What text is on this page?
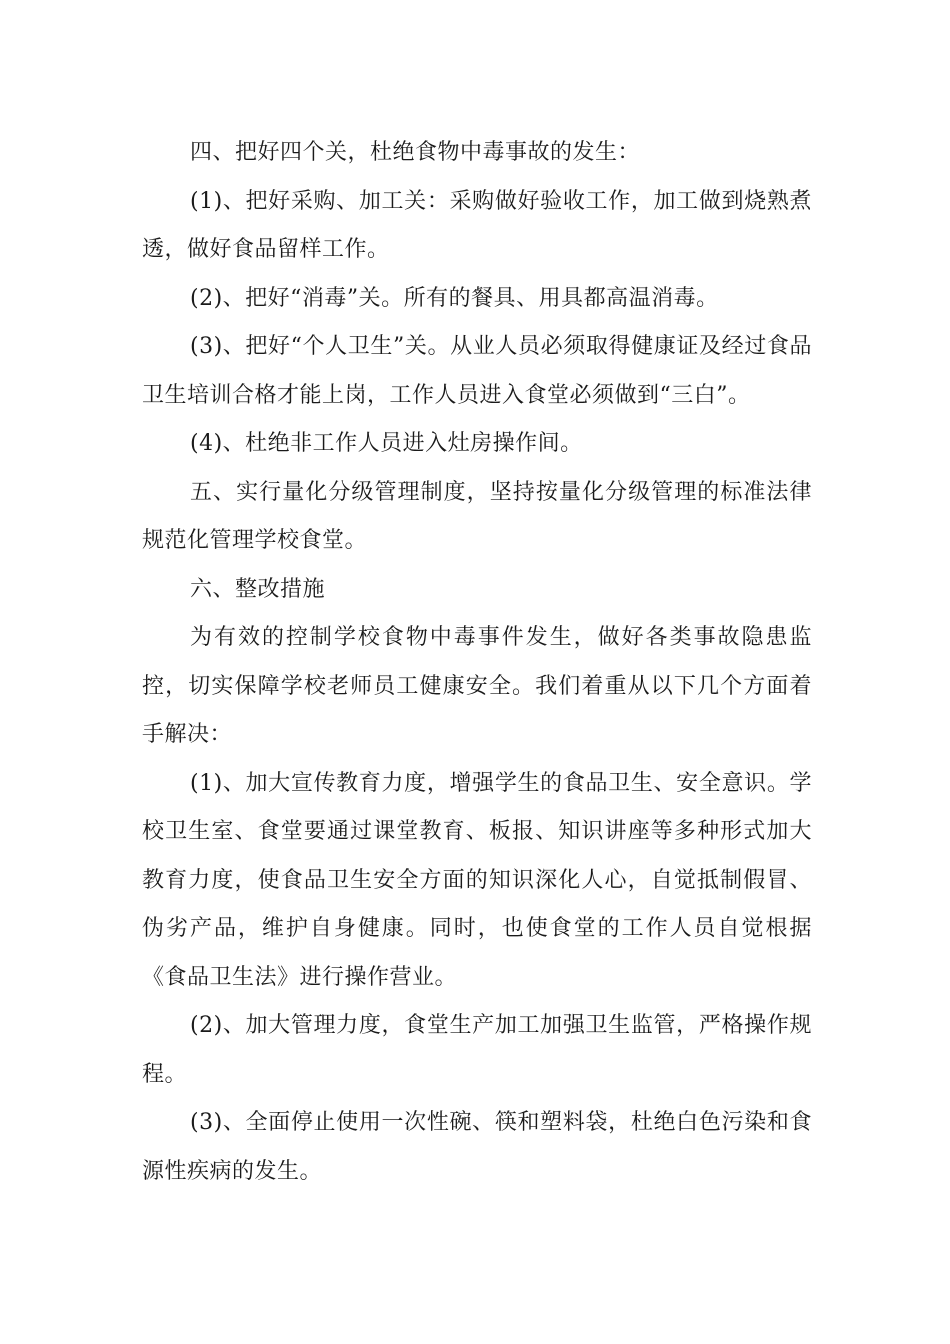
四、把好四个关，杜绝食物中毒事故的发生：

(1)、把好采购、加工关：采购做好验收工作，加工做到烧熟煮透，做好食品留样工作。

(2)、把好“消毒”关。所有的餐具、用具都高温消毒。

(3)、把好“个人卫生”关。从业人员必须取得健康证及经过食品卫生培训合格才能上岗，工作人员进入食堂必须做到“三白”。

(4)、杜绝非工作人员进入灶房操作间。

五、实行量化分级管理制度，坚持按量化分级管理的标准法律规范化管理学校食堂。

六、整改措施

为有效的控制学校食物中毒事件发生，做好各类事故隐患监控，切实保障学校老师员工健康安全。我们着重从以下几个方面着手解决：

(1)、加大宣传教育力度，增强学生的食品卫生、安全意识。学校卫生室、食堂要通过课堂教育、板报、知识讲座等多种形式加大教育力度，使食品卫生安全方面的知识深化人心，自觉抵制假冒、伪劣产品，维护自身健康。同时，也使食堂的工作人员自觉根据《食品卫生法》进行操作营业。

(2)、加大管理力度，食堂生产加工加强卫生监管，严格操作规程。

(3)、全面停止使用一次性碗、筷和塑料袋，杜绝白色污染和食源性疾病的发生。
